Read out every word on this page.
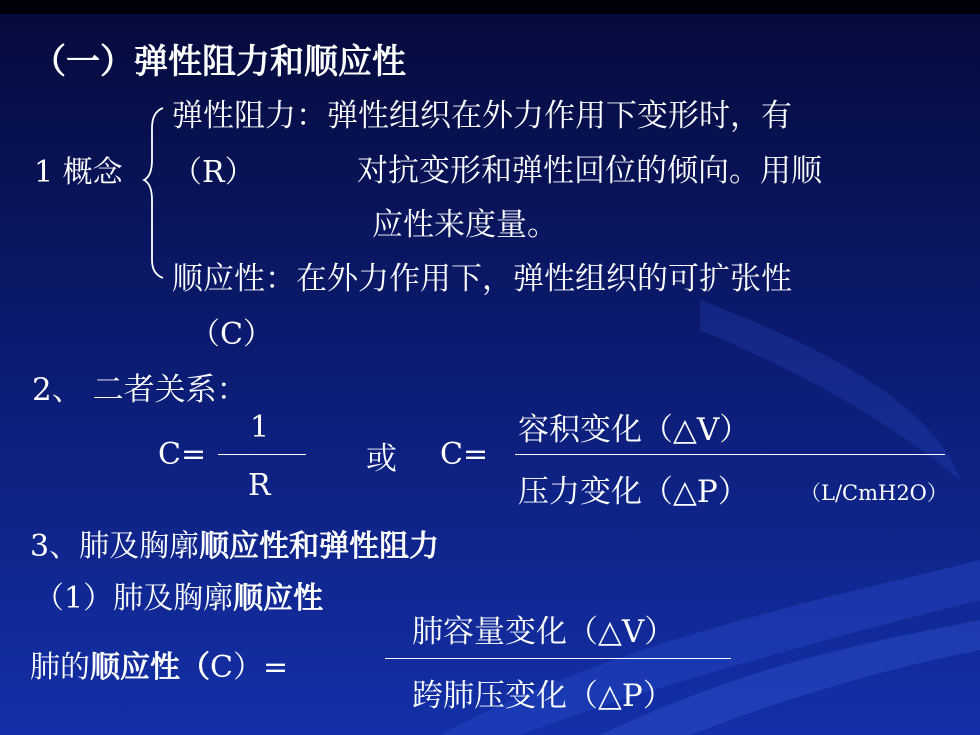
（一）弹性阻力和顺应性
1 概念
弹性阻力：弹性组织在外力作用下变形时，有
（R）	对抗变形和弹性回位的倾向。用顺
应性来度量。
顺应性：在外力作用下，弹性组织的可扩张性
（C）
2、 二者关系：
C=
1
R
或 C=
容积变化（△V）
压力变化（△P） （L/CmH2O）
3、肺及胸廓顺应性和弹性阻力
（1）肺及胸廓顺应性
肺的顺应性（C）=
肺容量变化（△V）
跨肺压变化（△P）
